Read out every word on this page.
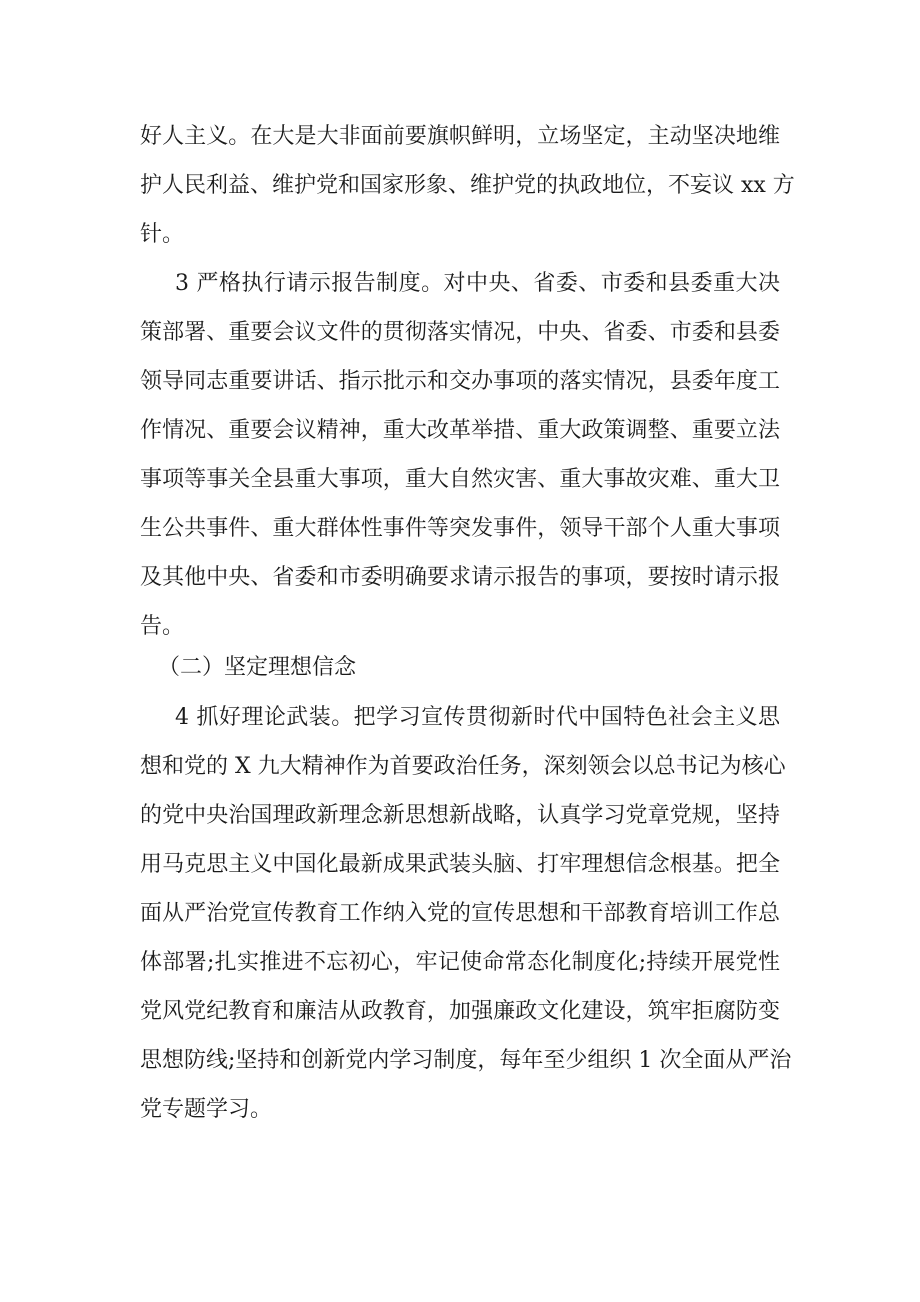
好人主义。在大是大非面前要旗帜鲜明，立场坚定，主动坚决地维

护人民利益、维护党和国家形象、维护党的执政地位，不妄议 xx 方

针。

3 严格执行请示报告制度。对中央、省委、市委和县委重大决

策部署、重要会议文件的贯彻落实情况，中央、省委、市委和县委

领导同志重要讲话、指示批示和交办事项的落实情况，县委年度工

作情况、重要会议精神，重大改革举措、重大政策调整、重要立法

事项等事关全县重大事项，重大自然灾害、重大事故灾难、重大卫

生公共事件、重大群体性事件等突发事件，领导干部个人重大事项

及其他中央、省委和市委明确要求请示报告的事项，要按时请示报

告。

（二）坚定理想信念

4 抓好理论武装。把学习宣传贯彻新时代中国特色社会主义思

想和党的 X 九大精神作为首要政治任务，深刻领会以总书记为核心

的党中央治国理政新理念新思想新战略，认真学习党章党规，坚持

用马克思主义中国化最新成果武装头脑、打牢理想信念根基。把全

面从严治党宣传教育工作纳入党的宣传思想和干部教育培训工作总

体部署;扎实推进不忘初心，牢记使命常态化制度化;持续开展党性

党风党纪教育和廉洁从政教育，加强廉政文化建设，筑牢拒腐防变

思想防线;坚持和创新党内学习制度，每年至少组织 1 次全面从严治

党专题学习。
